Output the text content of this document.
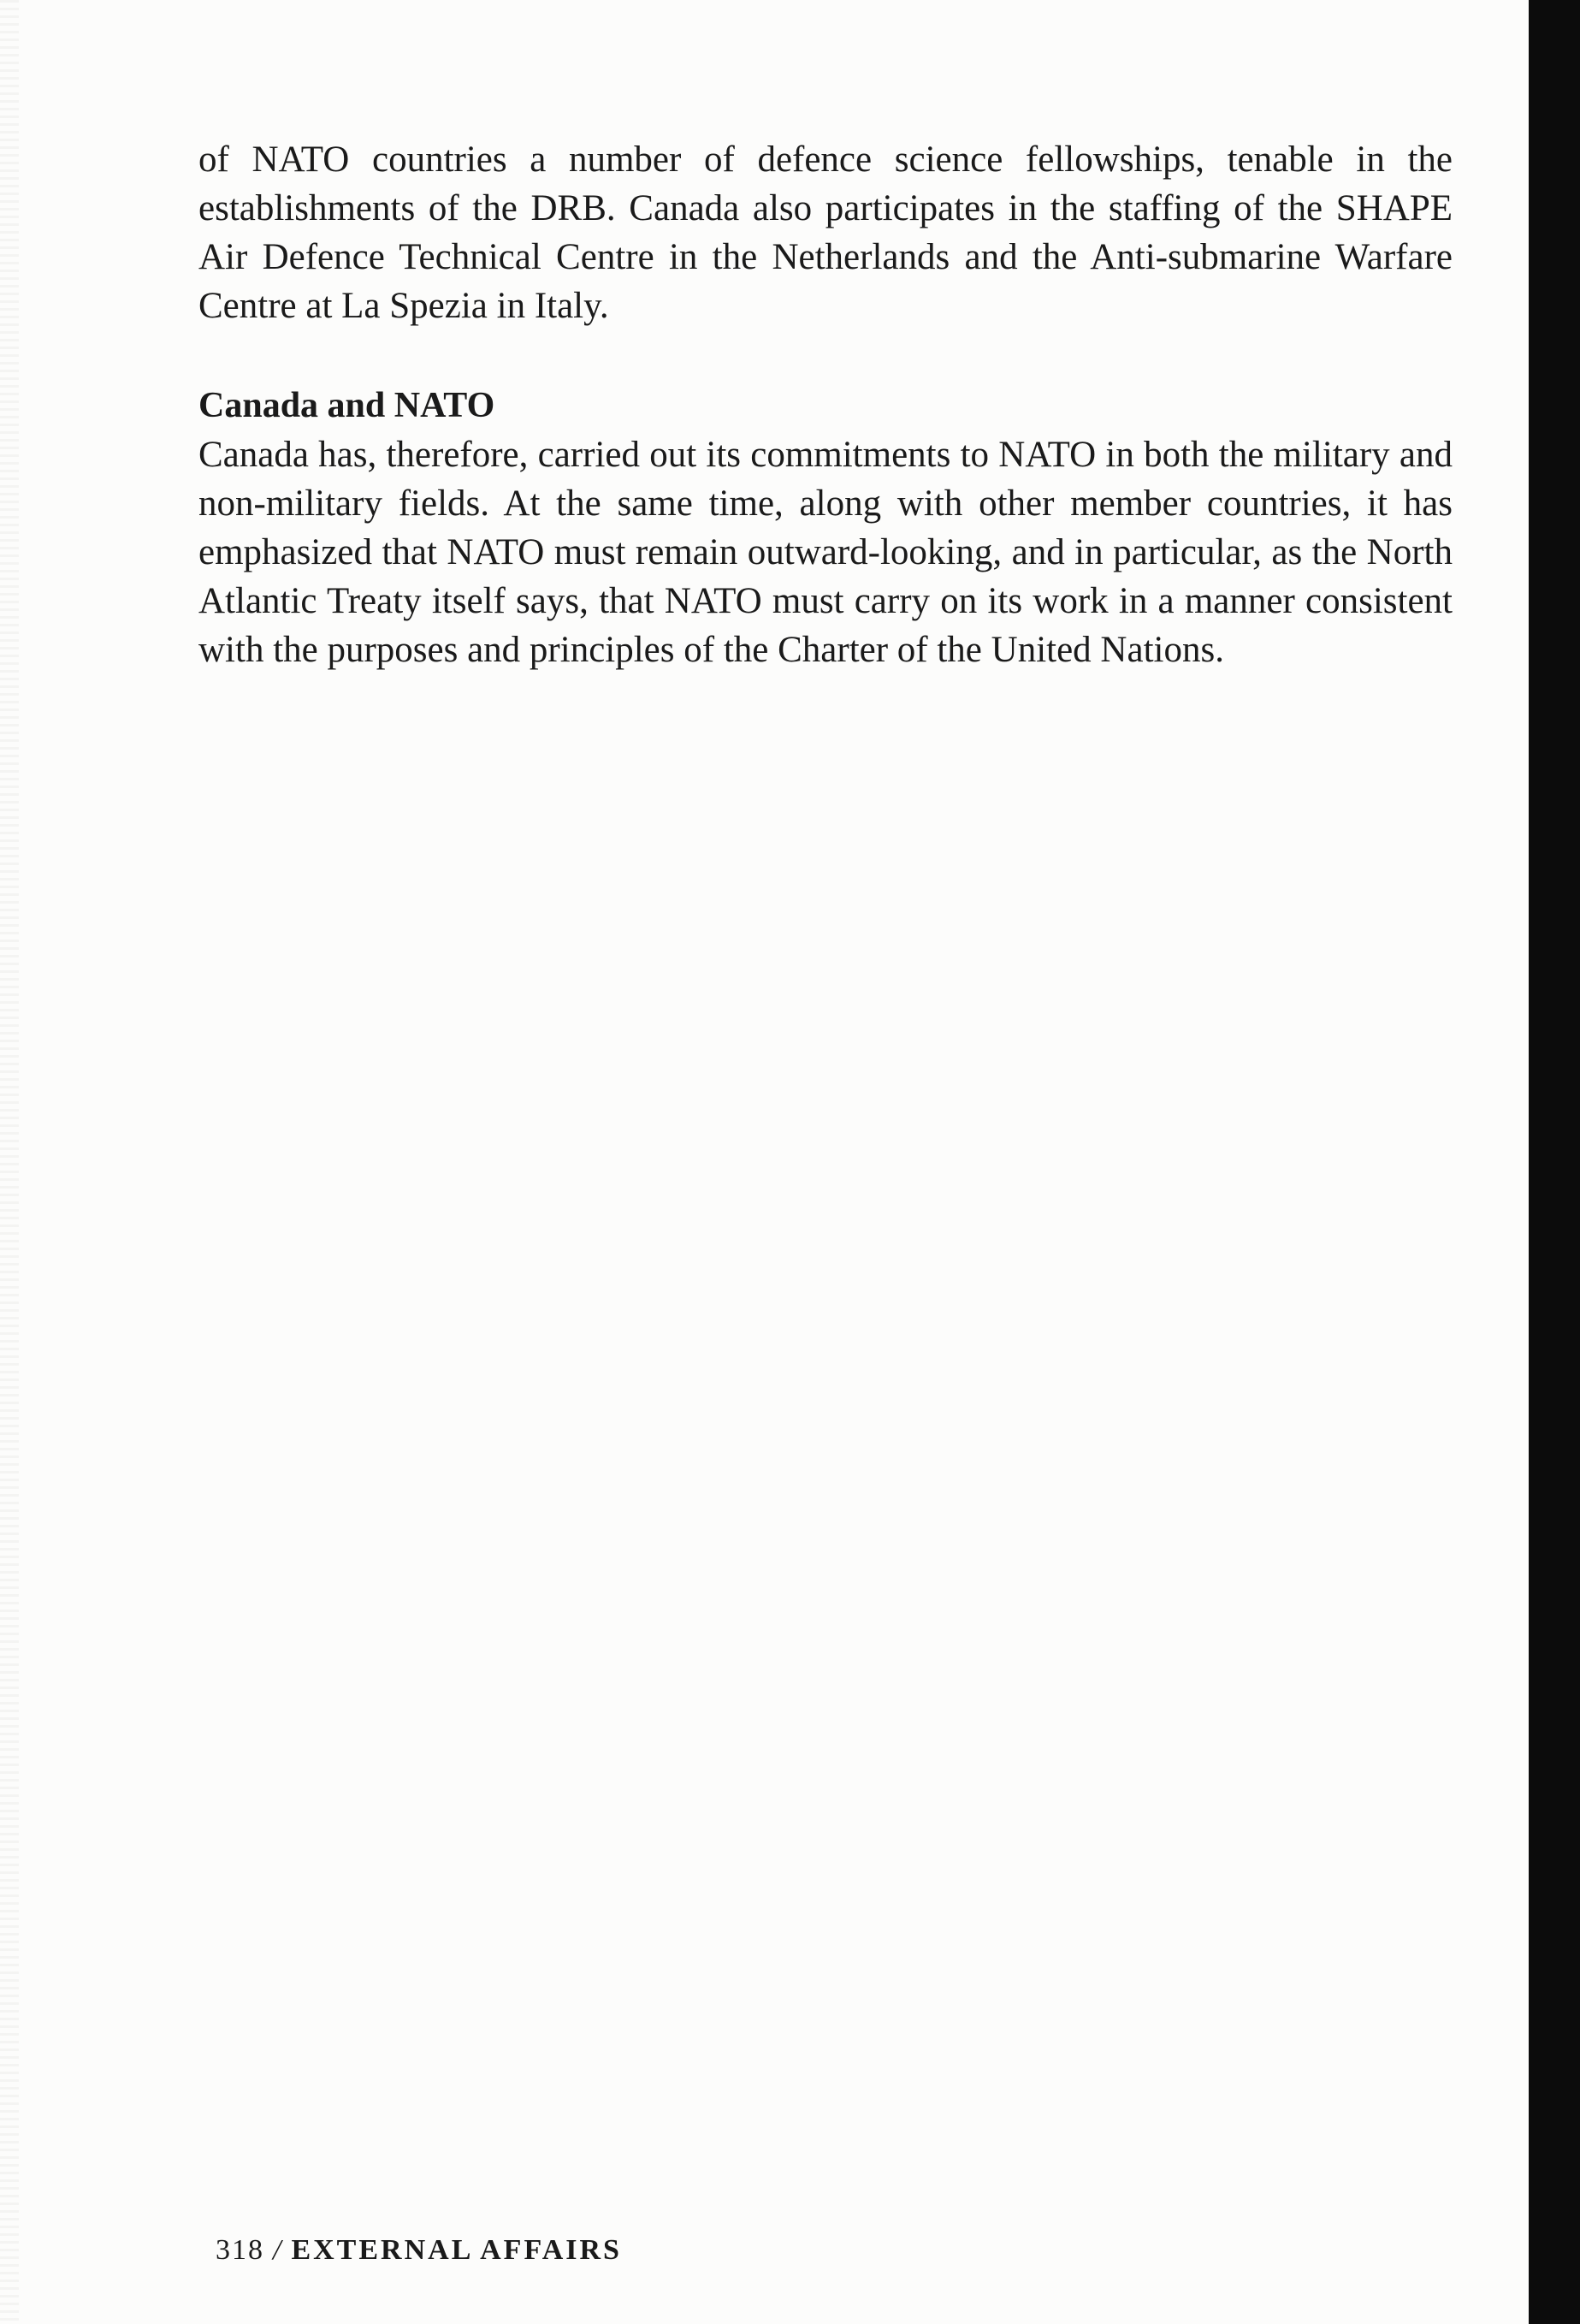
of NATO countries a number of defence science fellowships, tenable in the establishments of the DRB. Canada also participates in the staffing of the SHAPE Air Defence Technical Centre in the Netherlands and the Anti-submarine Warfare Centre at La Spezia in Italy.

Canada and NATO

Canada has, therefore, carried out its commitments to NATO in both the military and non-military fields. At the same time, along with other member countries, it has emphasized that NATO must remain outward-looking, and in particular, as the North Atlantic Treaty itself says, that NATO must carry on its work in a manner consistent with the purposes and principles of the Charter of the United Nations.

318 / EXTERNAL AFFAIRS
